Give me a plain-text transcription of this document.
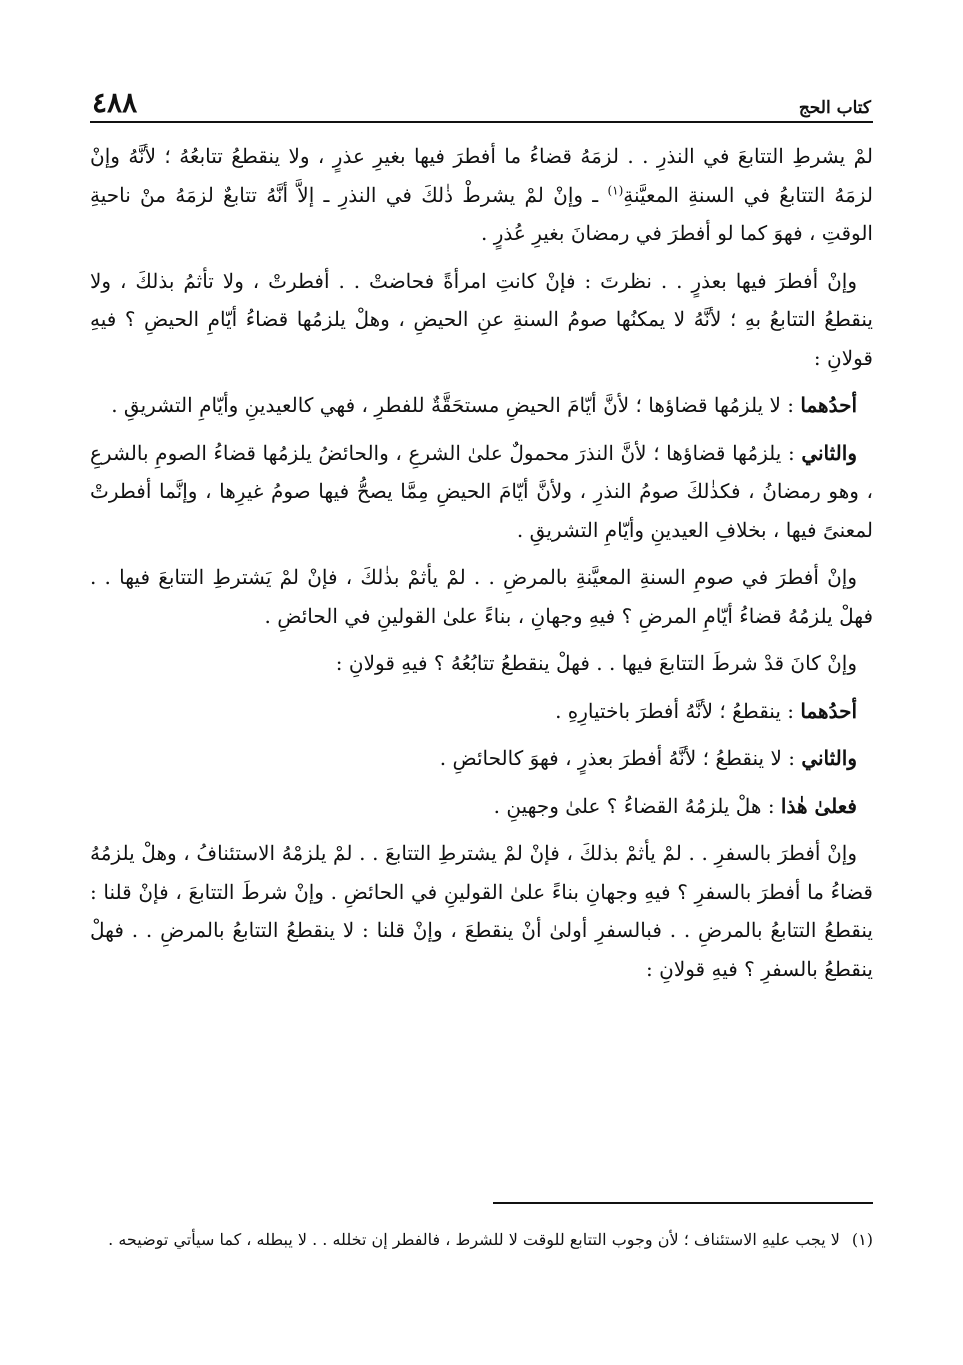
كتاب الحج
٤٨٨

لمْ يشرطِ التتابعَ في النذرِ . . لزمَهُ قضاءُ ما أفطرَ فيها بغيرِ عذرٍ ، ولا ينقطعُ تتابعُهُ ؛ لأنَّهُ وإنْ لزمَهُ التتابعُ في السنةِ المعيَّنةِ$^{(١)}$ ـ وإنْ لمْ يشرطْ ذٰلكَ في النذرِ ـ إلاَّ أنَّهُ تتابعٌ لزمَهُ منْ ناحيةِ الوقتِ ، فهوَ كما لو أفطرَ في رمضانَ بغيرِ عُذرٍ .

وإنْ أفطرَ فيها بعذرٍ . . نظرتَ : فإنْ كانتِ امرأةً فحاضتْ . . أفطرتْ ، ولا تأثمُ بذلكَ ، ولا ينقطعُ التتابعُ بهِ ؛ لأنَّهُ لا يمكنُها صومُ السنةِ عنِ الحيضِ ، وهلْ يلزمُها قضاءُ أيّامِ الحيضِ ؟ فيهِ قولانِ :

أحدُهما : لا يلزمُها قضاؤها ؛ لأنَّ أيّامَ الحيضِ مستحَقَّةٌ للفطرِ ، فهي كالعيدينِ وأيّامِ التشريقِ .

والثاني : يلزمُها قضاؤها ؛ لأنَّ النذرَ محمولٌ علىٰ الشرعِ ، والحائضُ يلزمُها قضاءُ الصومِ بالشرعِ ، وهو رمضانُ ، فكذٰلكَ صومُ النذرِ ، ولأنَّ أيّامَ الحيضِ مِمَّا يصحُّ فيها صومُ غيرِها ، وإنَّما أفطرتْ لمعنىً فيها ، بخلافِ العيدينِ وأيّامِ التشريقِ .

وإنْ أفطرَ في صومِ السنةِ المعيَّنةِ بالمرضِ . . لمْ يأثمْ بذٰلكَ ، فإنْ لمْ يَشترطِ التتابعَ فيها . . فهلْ يلزمُهُ قضاءُ أيّامِ المرضِ ؟ فيهِ وجهانِ ، بناءً علىٰ القولينِ في الحائضِ .

وإنْ كانَ قدْ شرطَ التتابعَ فيها . . فهلْ ينقطعُ تتابُعُهُ ؟ فيهِ قولانِ :

أحدُهما : ينقطعُ ؛ لأنَّهُ أفطرَ باختيارِهِ .

والثاني : لا ينقطعُ ؛ لأنَّهُ أفطرَ بعذرٍ ، فهوَ كالحائضِ .

فعلىٰ هٰذا : هلْ يلزمُهُ القضاءُ ؟ علىٰ وجهينِ .

وإنْ أفطرَ بالسفرِ . . لمْ يأثمْ بذلكَ ، فإنْ لمْ يشترطِ التتابعَ . . لمْ يلزمْهُ الاستئنافُ ، وهلْ يلزمُهُ قضاءُ ما أفطرَ بالسفرِ ؟ فيهِ وجهانِ بناءً علىٰ القولينِ في الحائضِ . وإنْ شرطَ التتابعَ ، فإنْ قلنا : ينقطعُ التتابعُ بالمرضِ . . فبالسفرِ أولىٰ أنْ ينقطعَ ، وإنْ قلنا : لا ينقطعُ التتابعُ بالمرضِ . . فهلْ ينقطعُ بالسفرِ ؟ فيهِ قولانِ :

(١)لا يجب عليهِ الاستئناف ؛ لأن وجوب التتابع للوقت لا للشرط ، فالفطر إن تخلله . . لا يبطله ، كما سيأتي توضيحه .
